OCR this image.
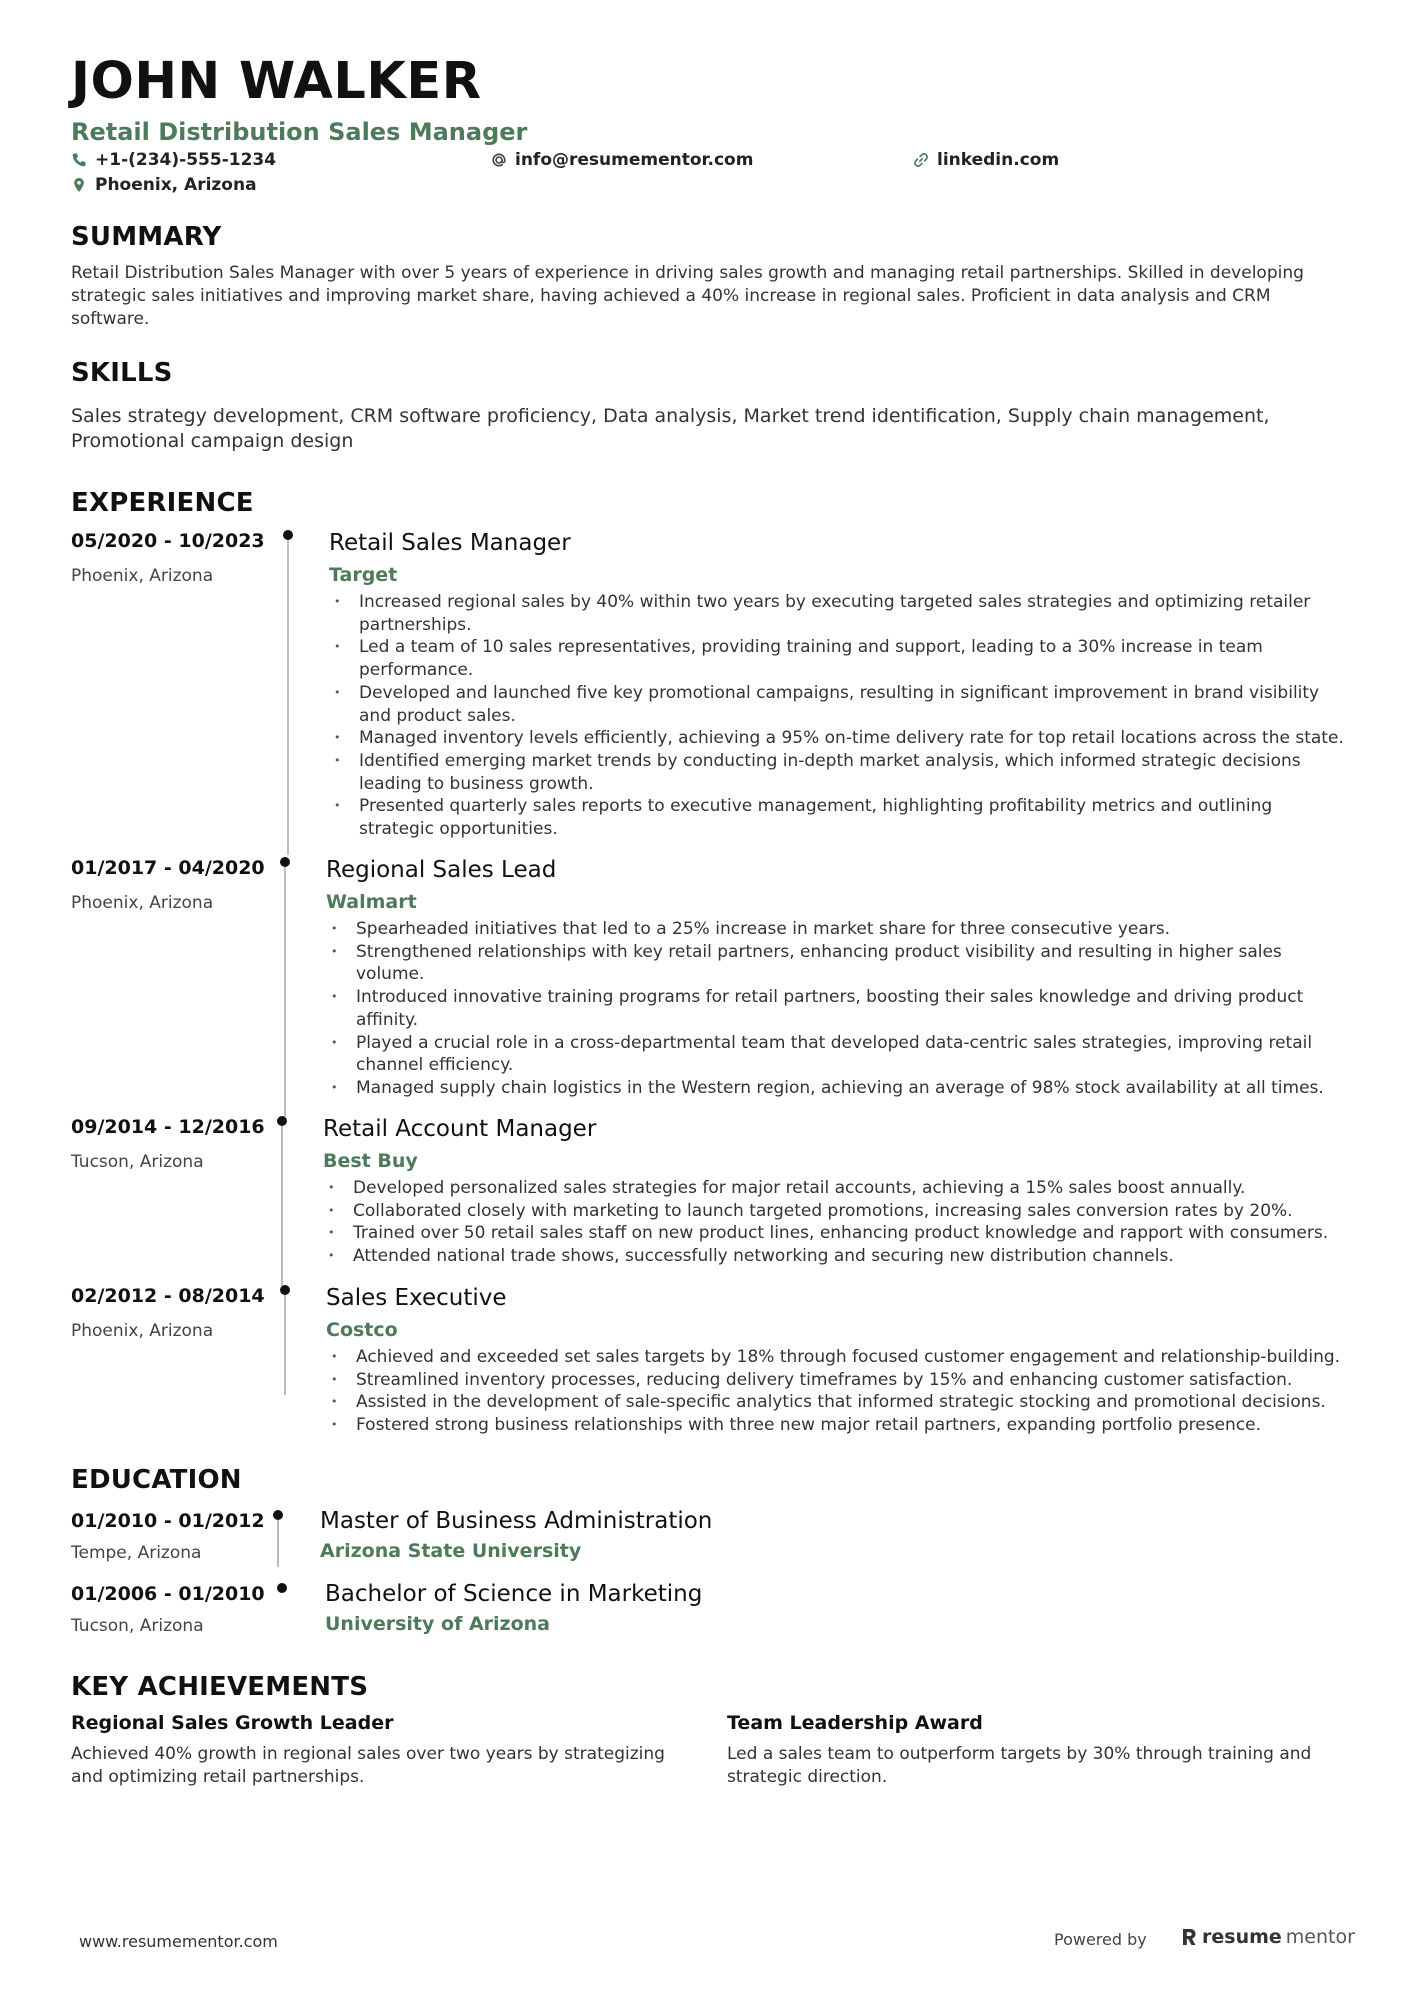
JOHN WALKER
Retail Distribution Sales Manager
+1-(234)-555-1234	info@resumementor.com	linkedin.com
Phoenix, Arizona
SUMMARY
Retail Distribution Sales Manager with over 5 years of experience in driving sales growth and managing retail partnerships. Skilled in developing strategic sales initiatives and improving market share, having achieved a 40% increase in regional sales. Proficient in data analysis and CRM software.
SKILLS
Sales strategy development, CRM software proficiency, Data analysis, Market trend identification, Supply chain management, Promotional campaign design
EXPERIENCE
05/2020 - 10/2023
Phoenix, Arizona
Retail Sales Manager
Target
• Increased regional sales by 40% within two years by executing targeted sales strategies and optimizing retailer partnerships.
• Led a team of 10 sales representatives, providing training and support, leading to a 30% increase in team performance.
• Developed and launched five key promotional campaigns, resulting in significant improvement in brand visibility and product sales.
• Managed inventory levels efficiently, achieving a 95% on-time delivery rate for top retail locations across the state.
• Identified emerging market trends by conducting in-depth market analysis, which informed strategic decisions leading to business growth.
• Presented quarterly sales reports to executive management, highlighting profitability metrics and outlining strategic opportunities.
01/2017 - 04/2020
Phoenix, Arizona
Regional Sales Lead
Walmart
• Spearheaded initiatives that led to a 25% increase in market share for three consecutive years.
• Strengthened relationships with key retail partners, enhancing product visibility and resulting in higher sales volume.
• Introduced innovative training programs for retail partners, boosting their sales knowledge and driving product affinity.
• Played a crucial role in a cross-departmental team that developed data-centric sales strategies, improving retail channel efficiency.
• Managed supply chain logistics in the Western region, achieving an average of 98% stock availability at all times.
09/2014 - 12/2016
Tucson, Arizona
Retail Account Manager
Best Buy
• Developed personalized sales strategies for major retail accounts, achieving a 15% sales boost annually.
• Collaborated closely with marketing to launch targeted promotions, increasing sales conversion rates by 20%.
• Trained over 50 retail sales staff on new product lines, enhancing product knowledge and rapport with consumers.
• Attended national trade shows, successfully networking and securing new distribution channels.
02/2012 - 08/2014
Phoenix, Arizona
Sales Executive
Costco
• Achieved and exceeded set sales targets by 18% through focused customer engagement and relationship-building.
• Streamlined inventory processes, reducing delivery timeframes by 15% and enhancing customer satisfaction.
• Assisted in the development of sale-specific analytics that informed strategic stocking and promotional decisions.
• Fostered strong business relationships with three new major retail partners, expanding portfolio presence.
EDUCATION
01/2010 - 01/2012
Tempe, Arizona
Master of Business Administration
Arizona State University
01/2006 - 01/2010
Tucson, Arizona
Bachelor of Science in Marketing
University of Arizona
KEY ACHIEVEMENTS
Regional Sales Growth Leader
Achieved 40% growth in regional sales over two years by strategizing and optimizing retail partnerships.
Team Leadership Award
Led a sales team to outperform targets by 30% through training and strategic direction.
www.resumementor.com	Powered by	resume mentor
